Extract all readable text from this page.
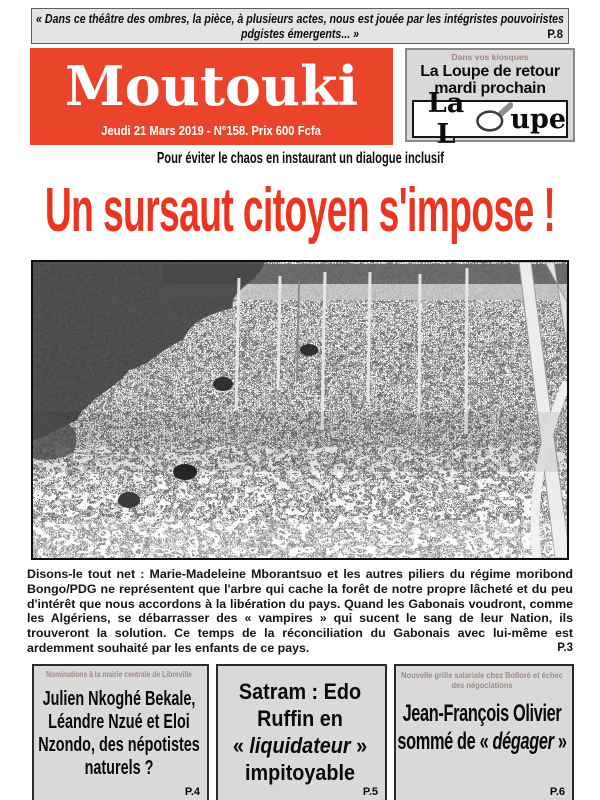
« Dans ce théâtre des ombres, la pièce, à plusieurs actes, nous est jouée par les intégristes pouvoiristes pdgistes émergents... »	P.8
Moutouki
Jeudi 21 Mars 2019 - N°158. Prix 600 Fcfa
Dans vos kiosques
La Loupe de retour mardi prochain
La L	upe
Pour éviter le chaos en instaurant un dialogue inclusif
Un sursaut citoyen s'impose !

Disons-le tout net : Marie-Madeleine Mborantsuo et les autres piliers du régime moribond Bongo/PDG ne représentent que l'arbre qui cache la forêt de notre propre lâcheté et du peu d'intérêt que nous accordons à la libération du pays. Quand les Gabonais voudront, comme les Algériens, se débarrasser des « vampires » qui sucent le sang de leur Nation, ils trouveront la solution. Ce temps de la réconciliation du Gabonais avec lui-même est ardemment souhaité par les enfants de ce pays.	P.3
Nominations à la mairie centrale de Libreville
Julien Nkoghé Bekale,
Léandre Nzué et Eloi
Nzondo, des népotistes
naturels ?
P.4
Satram : Edo
Ruffin en
« liquidateur »
impitoyable
P.5
Nouvelle grille salariale chez Bolloré et échec des négociations
Jean-François Olivier
sommé de « dégager »
P.6
